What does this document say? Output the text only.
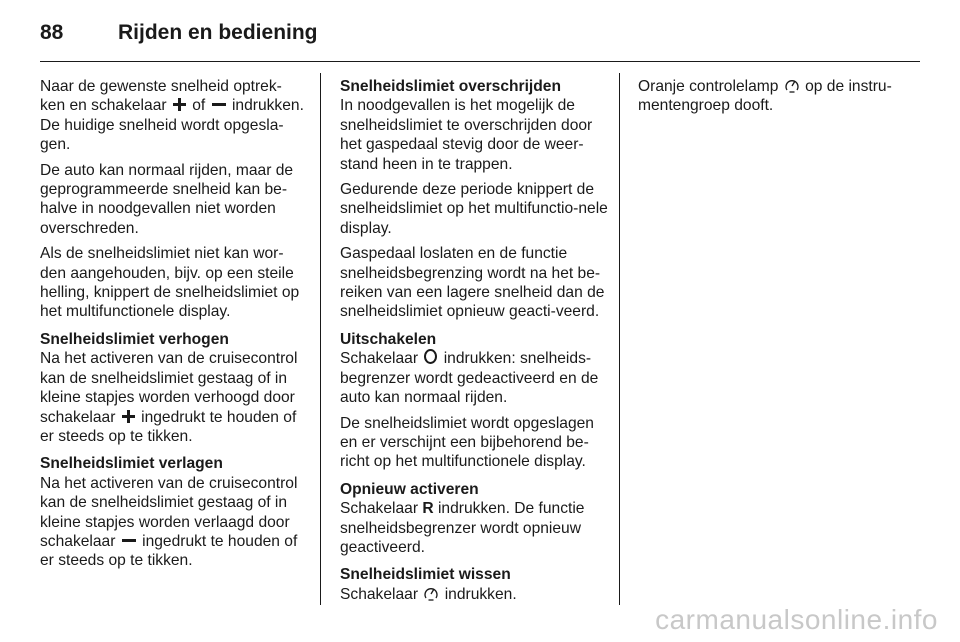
88	Rijden en bediening

Naar de gewenste snelheid optrek-
ken en schakelaar of indrukken.
De huidige snelheid wordt opgesla-
gen.

De auto kan normaal rijden, maar de geprogrammeerde snelheid kan be-halve in noodgevallen niet worden overschreden.

Als de snelheidslimiet niet kan wor-den aangehouden, bijv. op een steile helling, knippert de snelheidslimiet op het multifunctionele display.

Snelheidslimiet verhogen

Na het activeren van de cruisecontrol kan de snelheidslimiet gestaag of in kleine stapjes worden verhoogd door schakelaar ingedrukt te houden of er steeds op te tikken.

Snelheidslimiet verlagen

Na het activeren van de cruisecontrol kan de snelheidslimiet gestaag of in kleine stapjes worden verlaagd door schakelaar ingedrukt te houden of er steeds op te tikken.

Snelheidslimiet overschrijden

In noodgevallen is het mogelijk de snelheidslimiet te overschrijden door het gaspedaal stevig door de weer-stand heen in te trappen.

Gedurende deze periode knippert de snelheidslimiet op het multifunctio-nele display.

Gaspedaal loslaten en de functie snelheidsbegrenzing wordt na het be-reiken van een lagere snelheid dan de snelheidslimiet opnieuw geacti-veerd.

Uitschakelen

Schakelaar indrukken: snelheids-begrenzer wordt gedeactiveerd en de auto kan normaal rijden.

De snelheidslimiet wordt opgeslagen en er verschijnt een bijbehorend be-richt op het multifunctionele display.

Opnieuw activeren

Schakelaar R indrukken. De functie snelheidsbegrenzer wordt opnieuw geactiveerd.

Snelheidslimiet wissen

Schakelaar indrukken.

Oranje controlelamp op de instru-mentengroep dooft.

carmanualsonline.info
